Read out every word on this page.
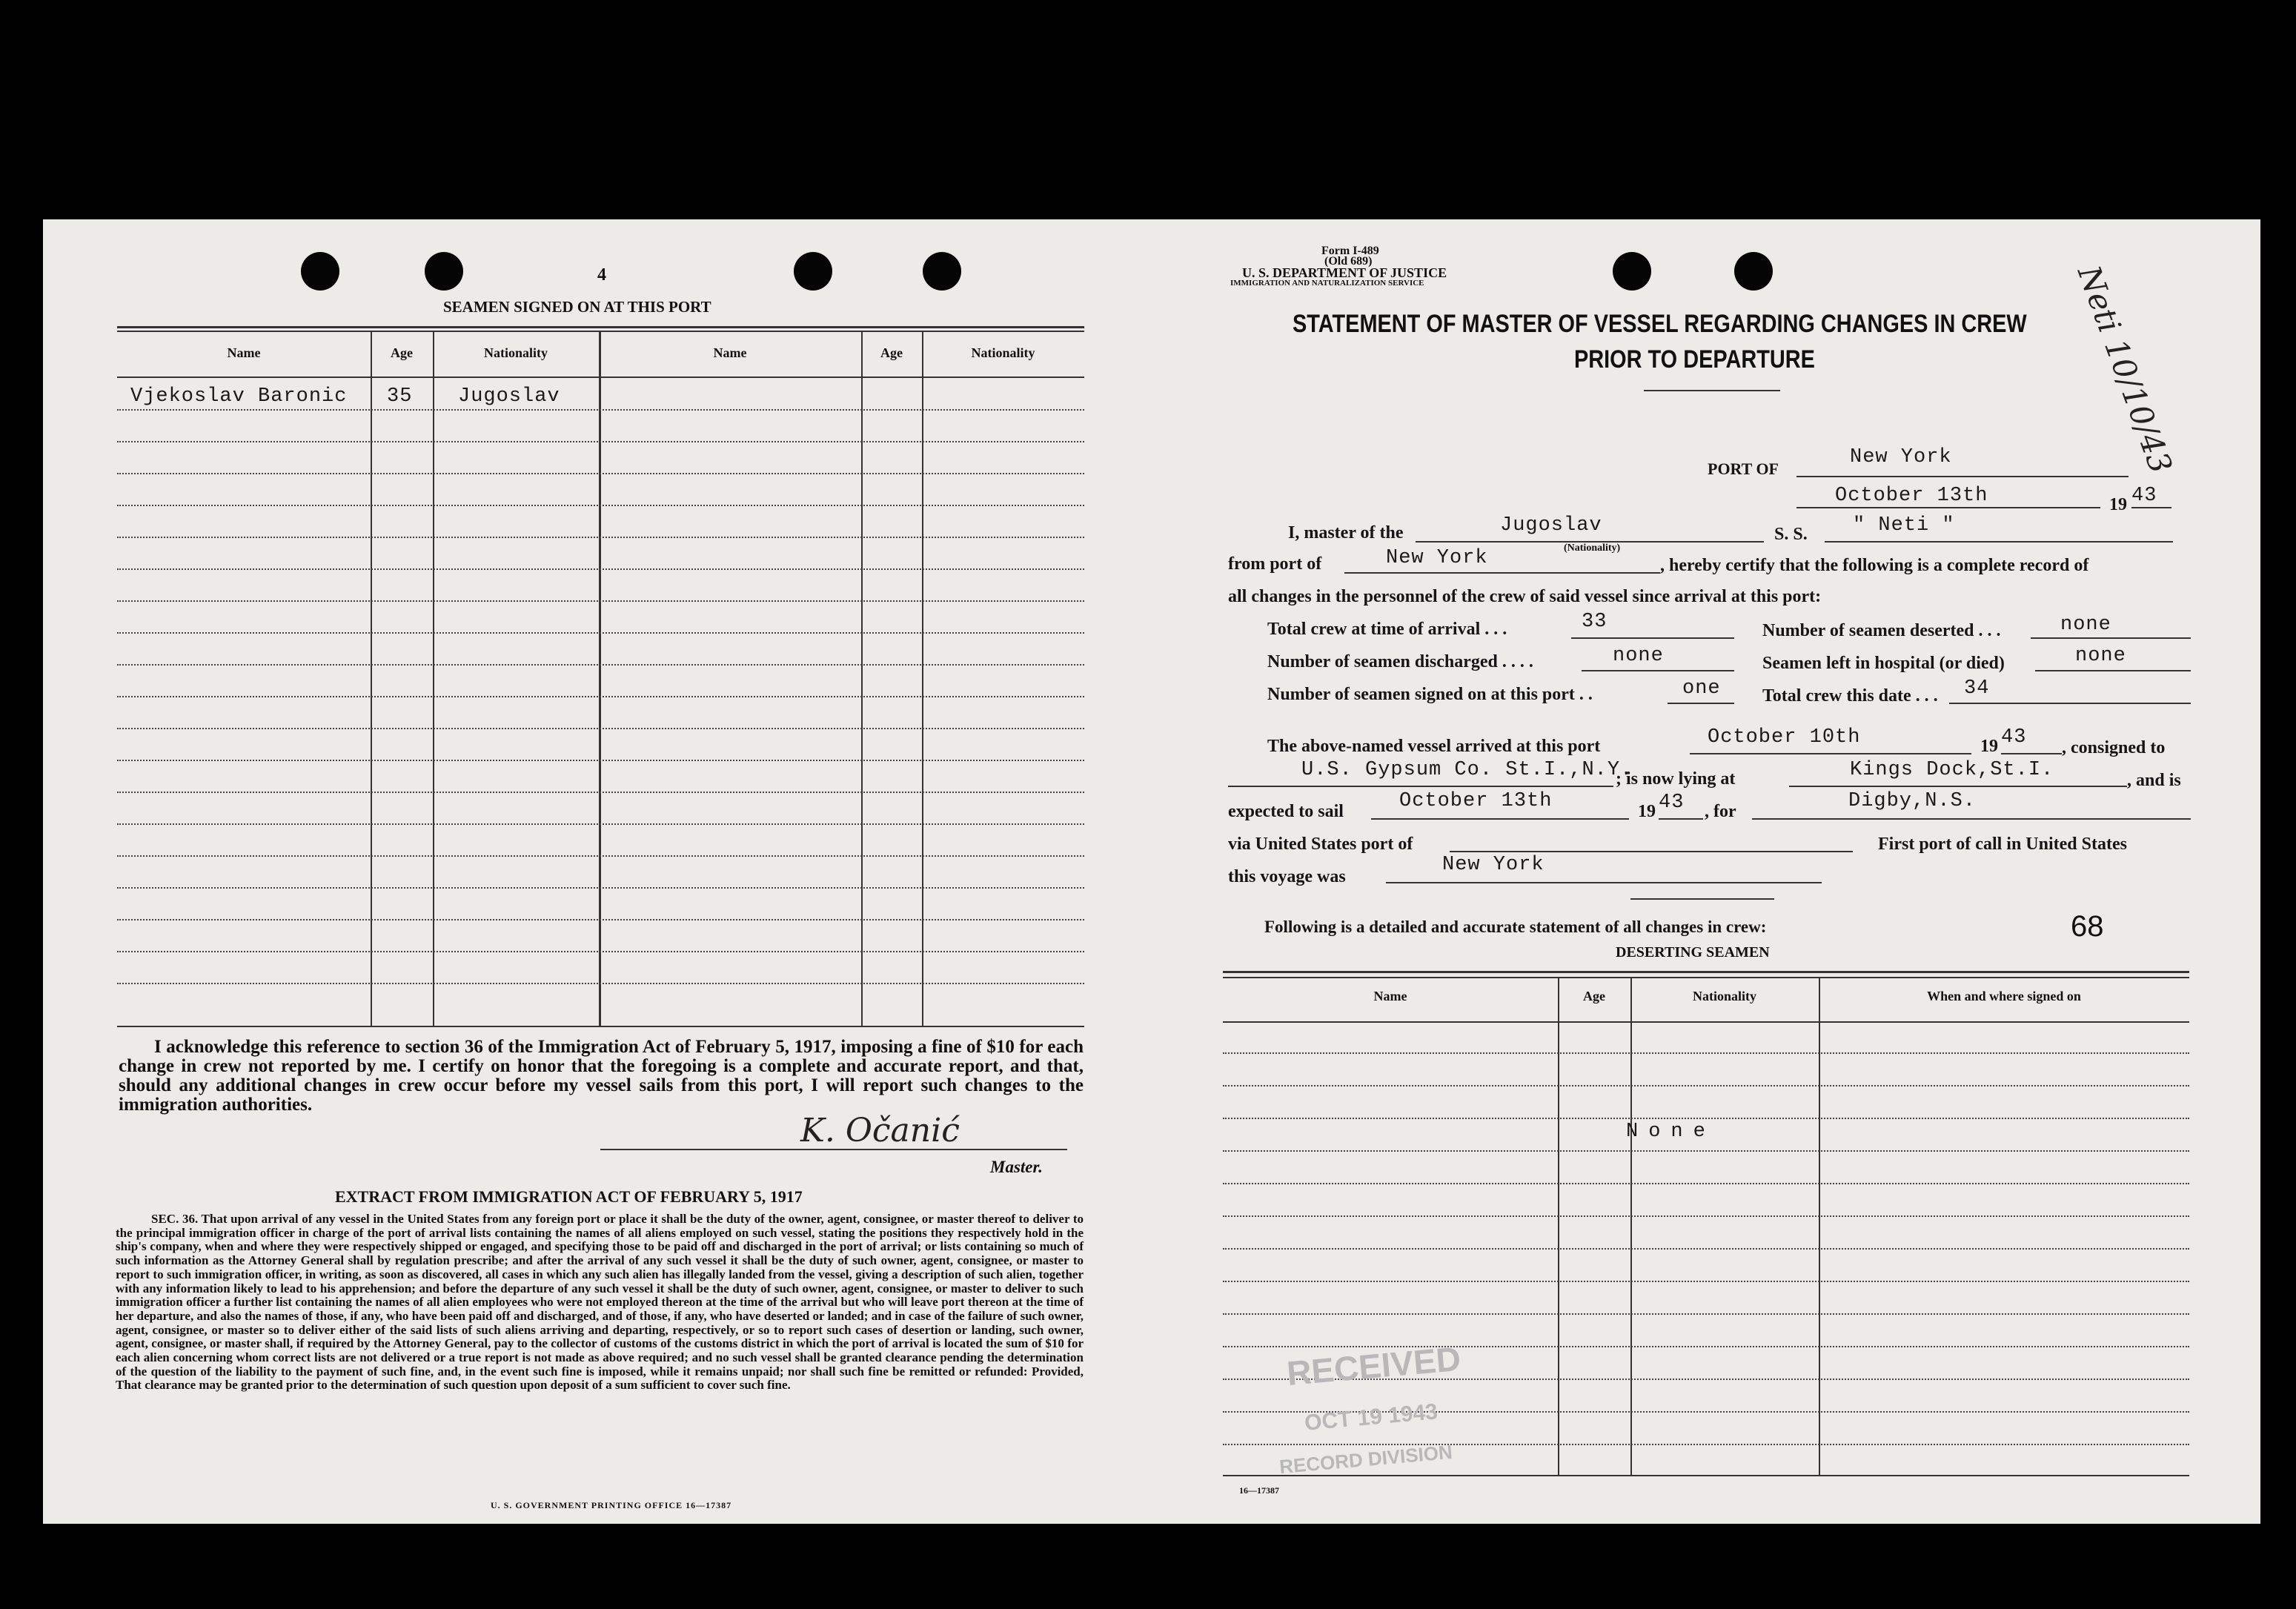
4
SEAMEN SIGNED ON AT THIS PORT
Name	Age	Nationality	Name	Age	Nationality
Vjekoslav Baronic 35 Jugoslav
I acknowledge this reference to section 36 of the Immigration Act of February 5, 1917, imposing a fine of $10 for each change in crew not reported by me. I certify on honor that the foregoing is a complete and accurate report, and that, should any additional changes in crew occur before my vessel sails from this port, I will report such changes to the immigration authorities.
K. Očanić
Master.
EXTRACT FROM IMMIGRATION ACT OF FEBRUARY 5, 1917
SEC. 36. That upon arrival of any vessel in the United States from any foreign port or place it shall be the duty of the owner, agent, consignee, or master thereof to deliver to the principal immigration officer in charge of the port of arrival lists containing the names of all aliens employed on such vessel, stating the positions they respectively hold in the ship's company, when and where they were respectively shipped or engaged, and specifying those to be paid off and discharged in the port of arrival; or lists containing so much of such information as the Attorney General shall by regulation prescribe; and after the arrival of any such vessel it shall be the duty of such owner, agent, consignee, or master to report to such immigration officer, in writing, as soon as discovered, all cases in which any such alien has illegally landed from the vessel, giving a description of such alien, together with any information likely to lead to his apprehension; and before the departure of any such vessel it shall be the duty of such owner, agent, consignee, or master to deliver to such immigration officer a further list containing the names of all alien employees who were not employed thereon at the time of the arrival but who will leave port thereon at the time of her departure, and also the names of those, if any, who have been paid off and discharged, and of those, if any, who have deserted or landed; and in case of the failure of such owner, agent, consignee, or master so to deliver either of the said lists of such aliens arriving and departing, respectively, or so to report such cases of desertion or landing, such owner, agent, consignee, or master shall, if required by the Attorney General, pay to the collector of customs of the customs district in which the port of arrival is located the sum of $10 for each alien concerning whom correct lists are not delivered or a true report is not made as above required; and no such vessel shall be granted clearance pending the determination of the question of the liability to the payment of such fine, and, in the event such fine is imposed, while it remains unpaid; nor shall such fine be remitted or refunded: Provided, That clearance may be granted prior to the determination of such question upon deposit of a sum sufficient to cover such fine.
U. S. GOVERNMENT PRINTING OFFICE 16—17387
Form I-489
(Old 689)
U. S. DEPARTMENT OF JUSTICE
IMMIGRATION AND NATURALIZATION SERVICE	Neti 10/10/43
STATEMENT OF MASTER OF VESSEL REGARDING CHANGES IN CREW
PRIOR TO DEPARTURE
PORT OF
New York
October 13th	19 43
I, master of the	Jugoslav
(Nationality)
S. S. " Neti "
from port of	New York	, hereby certify that the following is a complete record of
all changes in the personnel of the crew of said vessel since arrival at this port:
Total crew at time of arrival . . .	33	Number of seamen deserted . . .	none
Number of seamen discharged . . . .	none	Seamen left in hospital (or died)	none
Number of seamen signed on at this port . .	one Total crew this date . . . 34
The above-named vessel arrived at this port	October 10th	19 43 , consigned to
U.S. Gypsum Co. St.I.,N.Y.
; is now lying at	Kings Dock,St.I.	, and is
expected to sail	October 13th	19 43 , for	Digby,N.S.
via United States port of	First port of call in United States
this voyage was
New York
Following is a detailed and accurate statement of all changes in crew:	68
DESERTING SEAMEN
Name	Age	Nationality	When and where signed on
None
RECEIVED
OCT 19 1943
RECORD DIVISION
16—17387
